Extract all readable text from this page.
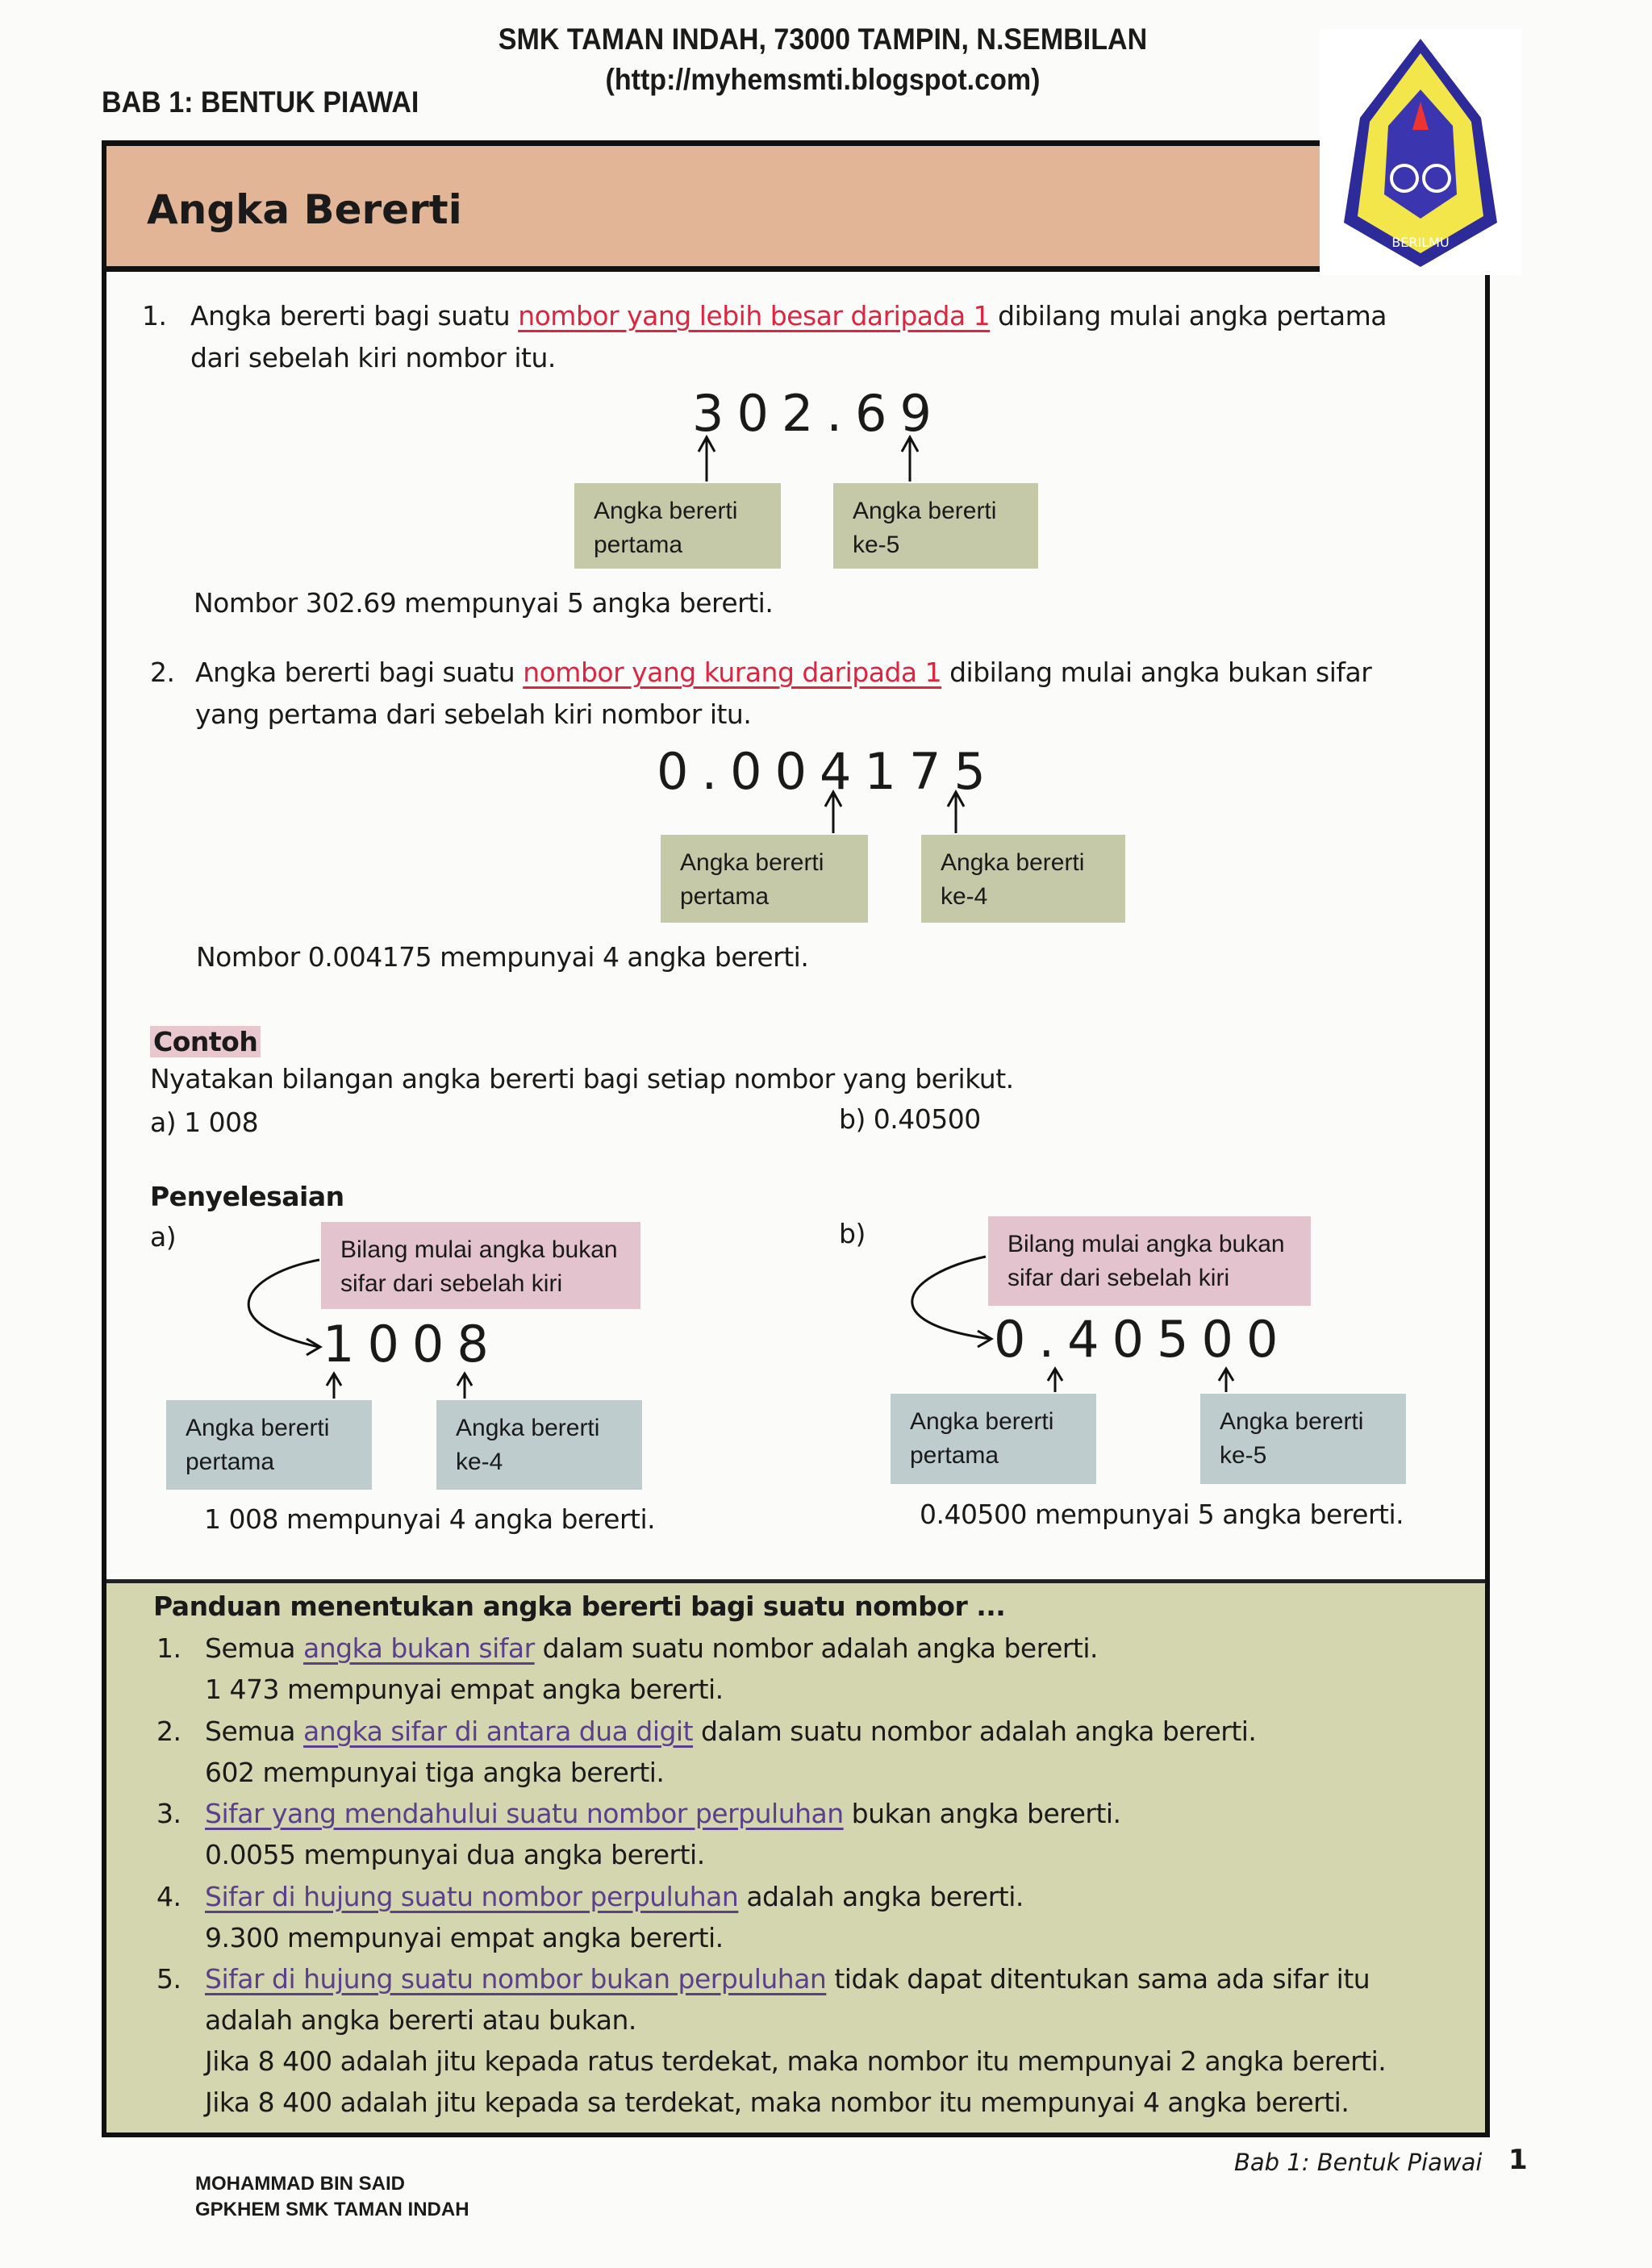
SMK TAMAN INDAH, 73000 TAMPIN, N.SEMBILAN
(http://myhemsmti.blogspot.com)
BAB 1: BENTUK PIAWAI
Angka Bererti
BERILMU
1. Angka bererti bagi suatu nombor yang lebih besar daripada 1 dibilang mulai angka pertama
dari sebelah kiri nombor itu.
302.69
Angka bererti pertama
Angka bererti ke-5
Nombor 302.69 mempunyai 5 angka bererti.
2. Angka bererti bagi suatu nombor yang kurang daripada 1 dibilang mulai angka bukan sifar
yang pertama dari sebelah kiri nombor itu.
0.004175
Angka bererti pertama
Angka bererti ke-4
Nombor 0.004175 mempunyai 4 angka bererti.
Contoh
Nyatakan bilangan angka bererti bagi setiap nombor yang berikut.
a) 1 008	b) 0.40500
Penyelesaian
a)	b)
Bilang mulai angka bukan sifar dari sebelah kiri
Bilang mulai angka bukan sifar dari sebelah kiri
1008	0.40500
Angka bererti pertama
Angka bererti ke-4
Angka bererti pertama
Angka bererti ke-5
1 008 mempunyai 4 angka bererti.	0.40500 mempunyai 5 angka bererti.
Panduan menentukan angka bererti bagi suatu nombor ...
1. Semua angka bukan sifar dalam suatu nombor adalah angka bererti.
1 473 mempunyai empat angka bererti.
2. Semua angka sifar di antara dua digit dalam suatu nombor adalah angka bererti.
602 mempunyai tiga angka bererti.
3. Sifar yang mendahului suatu nombor perpuluhan bukan angka bererti.
0.0055 mempunyai dua angka bererti.
4. Sifar di hujung suatu nombor perpuluhan adalah angka bererti.
9.300 mempunyai empat angka bererti.
5. Sifar di hujung suatu nombor bukan perpuluhan tidak dapat ditentukan sama ada sifar itu
adalah angka bererti atau bukan.
Jika 8 400 adalah jitu kepada ratus terdekat, maka nombor itu mempunyai 2 angka bererti.
Jika 8 400 adalah jitu kepada sa terdekat, maka nombor itu mempunyai 4 angka bererti.
MOHAMMAD BIN SAID
GPKHEM SMK TAMAN INDAH
Bab 1: Bentuk Piawai 1
